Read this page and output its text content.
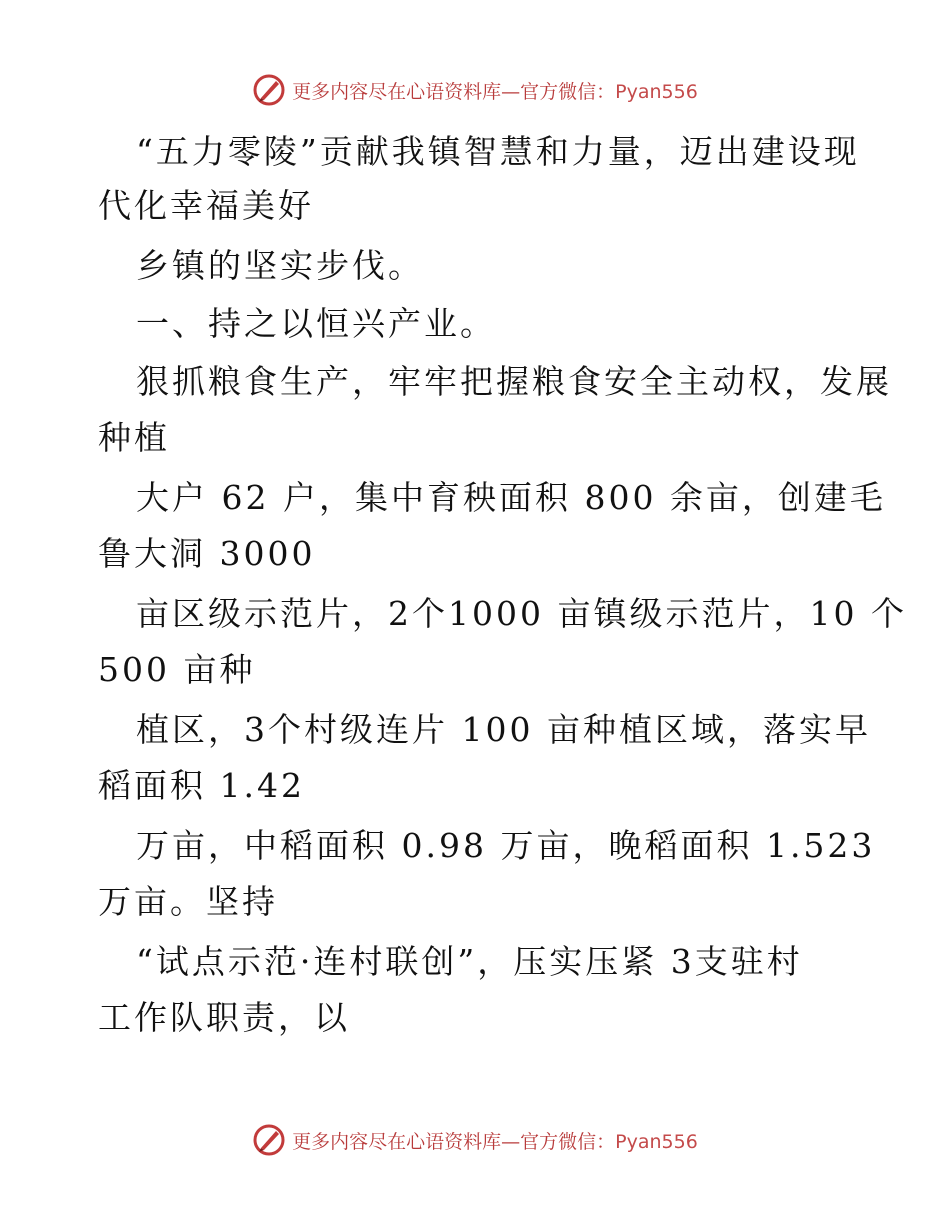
更多内容尽在心语资料库—官方微信：Pyan556
“五力零陵”贡献我镇智慧和力量，迈出建设现
代化幸福美好
乡镇的坚实步伐。
一、持之以恒兴产业。
狠抓粮食生产，牢牢把握粮食安全主动权，发展
种植
大户 62 户，集中育秧面积 800 余亩，创建毛
鲁大洞 3000
亩区级示范片，2个1000 亩镇级示范片，10 个
500 亩种
植区，3个村级连片 100 亩种植区域，落实早
稻面积 1.42
万亩，中稻面积 0.98 万亩，晚稻面积 1.523
万亩。坚持
“试点示范·连村联创”，压实压紧 3支驻村
工作队职责，以
更多内容尽在心语资料库—官方微信：Pyan556
